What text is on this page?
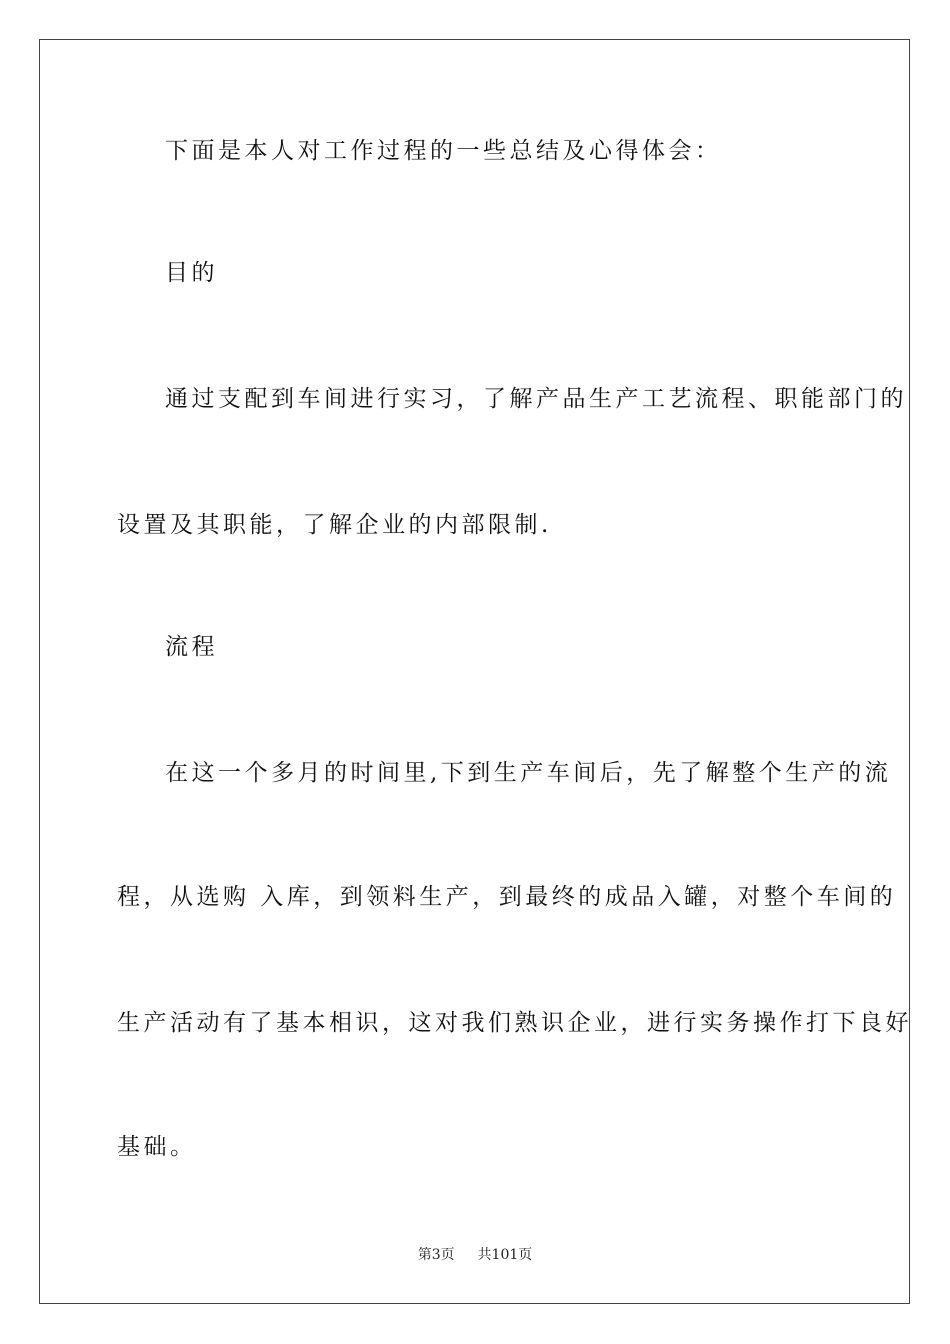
下面是本人对工作过程的一些总结及心得体会：
目的
通过支配到车间进行实习，了解产品生产工艺流程、职能部门的
设置及其职能，了解企业的内部限制.
流程
在这一个多月的时间里,下到生产车间后，先了解整个生产的流
程，从选购 入库，到领料生产，到最终的成品入罐，对整个车间的
生产活动有了基本相识，这对我们熟识企业，进行实务操作打下良好
基础。
第3页 共101页
